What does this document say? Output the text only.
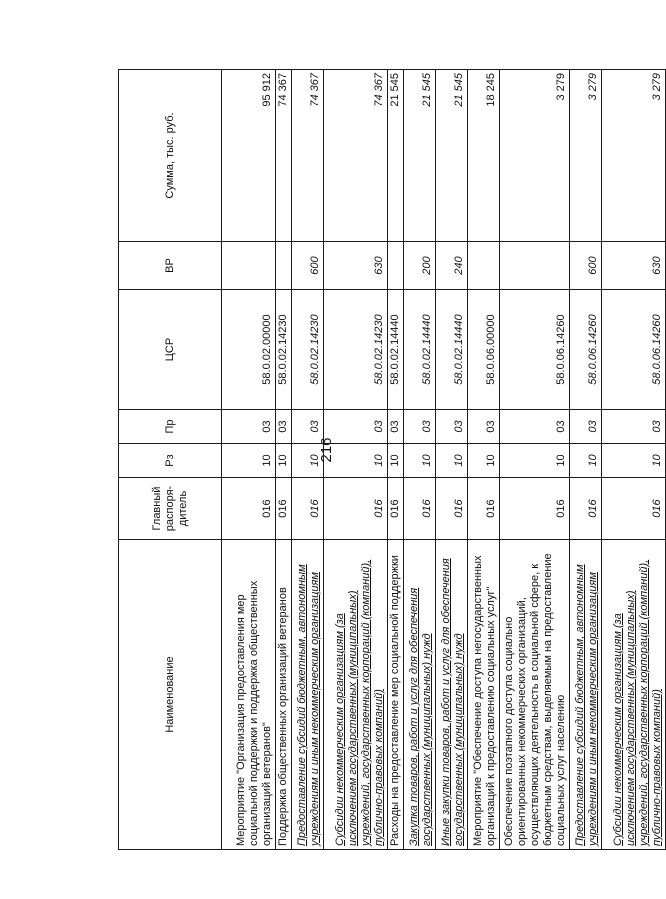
216
Наименование	Главный распоря-дитель	Рз	Пр	ЦСР	ВР	Сумма, тыс. руб.
Мероприятие "Организация предоставления мер социальной поддержки и поддержка общественных организаций ветеранов"	016	10	03	58.0.02.00000		95 912
Поддержка общественных организаций ветеранов	016	10	03	58.0.02.14230		74 367
Предоставление субсидий бюджетным, автономным учреждениям и иным некоммерческим организациям	016	10	03	58.0.02.14230	600	74 367
Субсидии некоммерческим организациям (за исключением государственных (муниципальных) учреждений, государственных корпораций (компаний), публично-правовых компаний)	016	10	03	58.0.02.14230	630	74 367
Расходы на предоставление мер социальной поддержки	016	10	03	58.0.02.14440		21 545
Закупка товаров, работ и услуг для обеспечения государственных (муниципальных) нужд	016	10	03	58.0.02.14440	200	21 545
Иные закупки товаров, работ и услуг для обеспечения государственных (муниципальных) нужд	016	10	03	58.0.02.14440	240	21 545
Мероприятие "Обеспечение доступа негосударственных организаций к предоставлению социальных услуг"	016	10	03	58.0.06.00000		18 245
Обеспечение поэтапного доступа социально ориентированных некоммерческих организаций, осуществляющих деятельность в социальной сфере, к бюджетным средствам, выделяемым на предоставление социальных услуг населению	016	10	03	58.0.06.14260		3 279
Предоставление субсидий бюджетным, автономным учреждениям и иным некоммерческим организациям	016	10	03	58.0.06.14260	600	3 279
Субсидии некоммерческим организациям (за исключением государственных (муниципальных) учреждений, государственных корпораций (компаний), публично-правовых компаний)	016	10	03	58.0.06.14260	630	3 279
